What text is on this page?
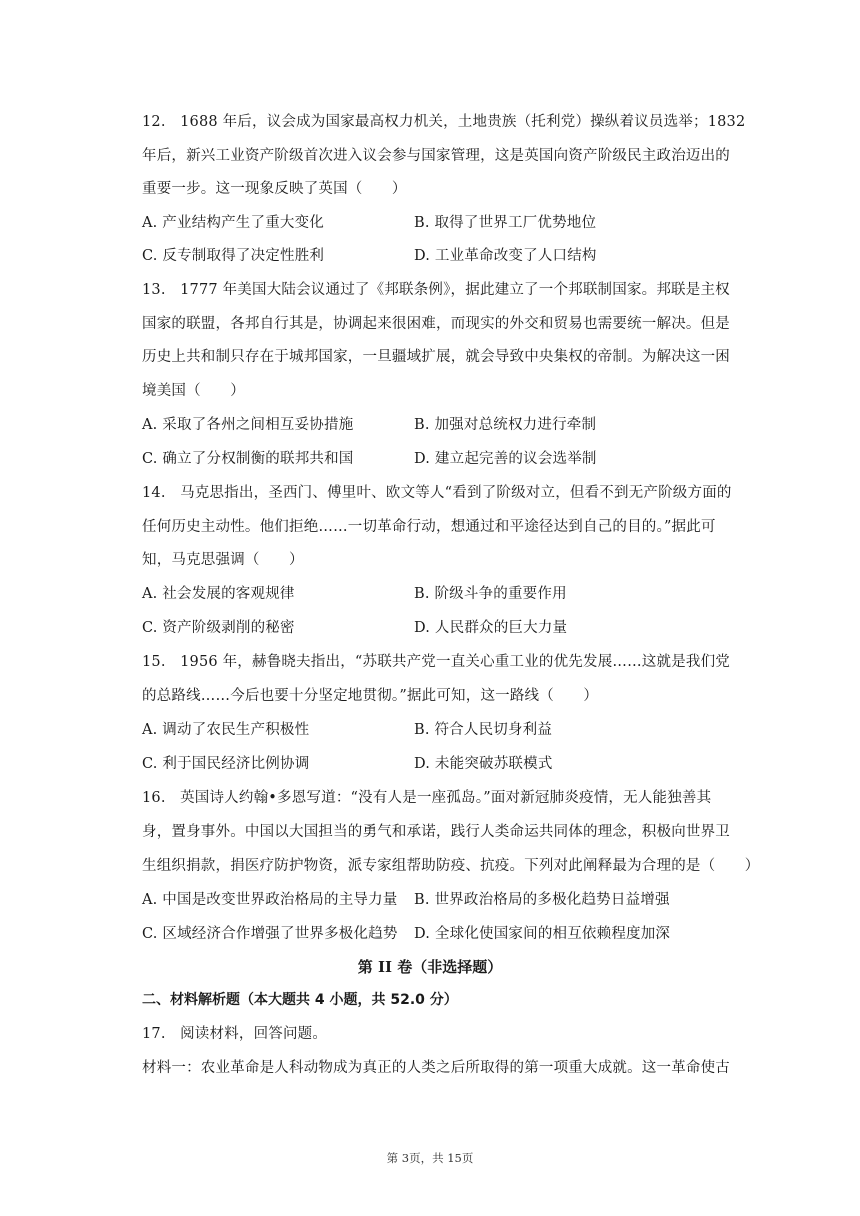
12.   1688 年后，议会成为国家最高权力机关，土地贵族（托利党）操纵着议员选举；1832
年后，新兴工业资产阶级首次进入议会参与国家管理，这是英国向资产阶级民主政治迈出的
重要一步。这一现象反映了英国（　　）
A. 产业结构产生了重大变化	B. 取得了世界工厂优势地位
C. 反专制取得了决定性胜利	D. 工业革命改变了人口结构
13.   1777 年美国大陆会议通过了《邦联条例》，据此建立了一个邦联制国家。邦联是主权
国家的联盟，各邦自行其是，协调起来很困难，而现实的外交和贸易也需要统一解决。但是
历史上共和制只存在于城邦国家，一旦疆域扩展，就会导致中央集权的帝制。为解决这一困
境美国（　　）
A. 采取了各州之间相互妥协措施	B. 加强对总统权力进行牵制
C. 确立了分权制衡的联邦共和国	D. 建立起完善的议会选举制
14.   马克思指出，圣西门、傅里叶、欧文等人“看到了阶级对立，但看不到无产阶级方面的
任何历史主动性。他们拒绝……一切革命行动，想通过和平途径达到自己的目的。”据此可
知，马克思强调（　　）
A. 社会发展的客观规律	B. 阶级斗争的重要作用
C. 资产阶级剥削的秘密	D. 人民群众的巨大力量
15.   1956 年，赫鲁晓夫指出，“苏联共产党一直关心重工业的优先发展……这就是我们党
的总路线……今后也要十分坚定地贯彻。”据此可知，这一路线（　　）
A. 调动了农民生产积极性	B. 符合人民切身利益
C. 利于国民经济比例协调	D. 未能突破苏联模式
16.   英国诗人约翰•多恩写道：“没有人是一座孤岛。”面对新冠肺炎疫情，无人能独善其
身，置身事外。中国以大国担当的勇气和承诺，践行人类命运共同体的理念，积极向世界卫
生组织捐款，捐医疗防护物资，派专家组帮助防疫、抗疫。下列对此阐释最为合理的是（　　）
A. 中国是改变世界政治格局的主导力量 B. 世界政治格局的多极化趋势日益增强
C. 区域经济合作增强了世界多极化趋势 D. 全球化使国家间的相互依赖程度加深
第 II 卷（非选择题）
二、材料解析题（本大题共 4 小题，共 52.0 分）
17.   阅读材料，回答问题。
材料一：农业革命是人科动物成为真正的人类之后所取得的第一项重大成就。这一革命使古
第 3页，共 15页
